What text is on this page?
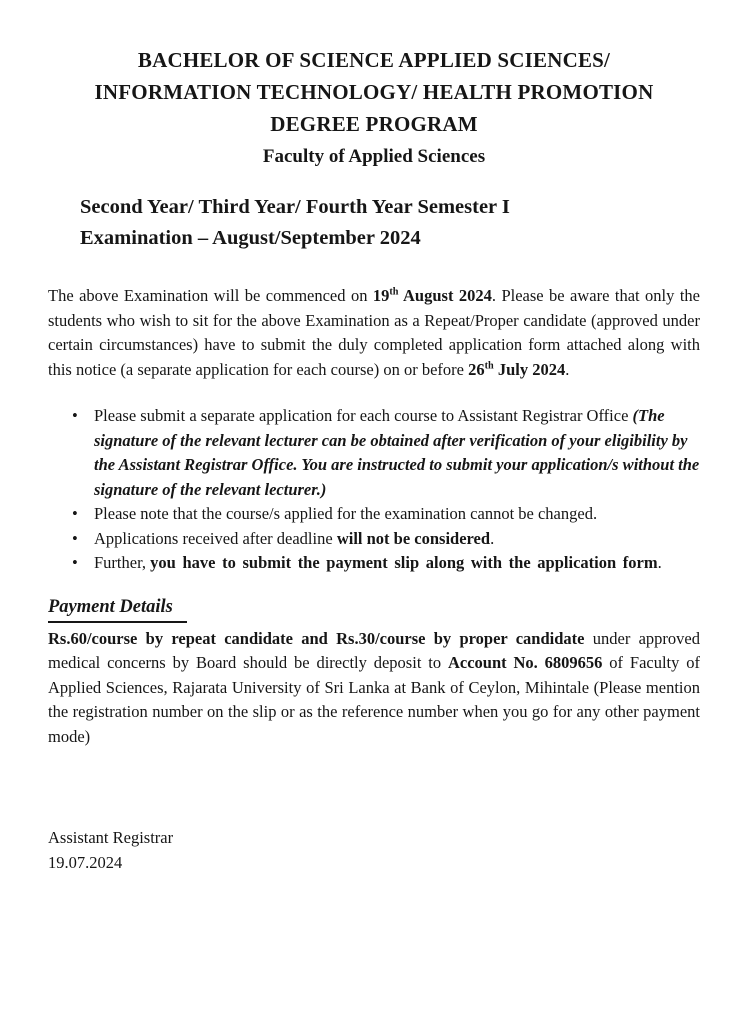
BACHELOR OF SCIENCE APPLIED SCIENCES/
INFORMATION TECHNOLOGY/ HEALTH PROMOTION
DEGREE PROGRAM
Faculty of Applied Sciences
Second Year/ Third Year/ Fourth Year Semester I
Examination – August/September 2024

The above Examination will be commenced on 19th August 2024. Please be aware that only the students who wish to sit for the above Examination as a Repeat/Proper candidate (approved under certain circumstances) have to submit the duly completed application form attached along with this notice (a separate application for each course) on or before 26th July 2024.

• Please submit a separate application for each course to Assistant Registrar Office (The signature of the relevant lecturer can be obtained after verification of your eligibility by the Assistant Registrar Office. You are instructed to submit your application/s without the signature of the relevant lecturer.)
• Please note that the course/s applied for the examination cannot be changed.
• Applications received after deadline will not be considered.
• Further, you have to submit the payment slip along with the application form.
Payment Details

Rs.60/course by repeat candidate and Rs.30/course by proper candidate under approved medical concerns by Board should be directly deposit to Account No. 6809656 of Faculty of Applied Sciences, Rajarata University of Sri Lanka at Bank of Ceylon, Mihintale (Please mention the registration number on the slip or as the reference number when you go for any other payment mode)

Assistant Registrar
19.07.2024
